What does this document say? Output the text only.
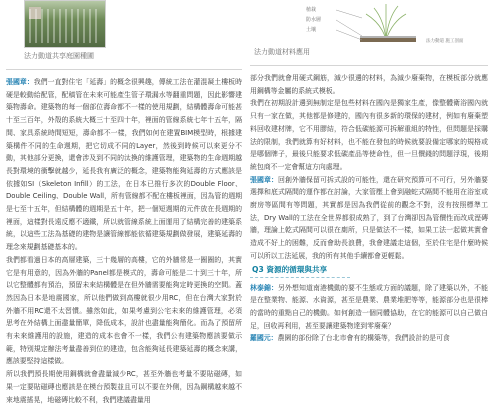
法力動道共享庭園種圃

張國章：我們一直對住宅「延壽」的概念很興趣，傳統工法在灌混凝土樓板時硬是較動給配管，配稿管在未來可能產生管子環漏水等翻重問題，因此影響建築物壽命。建築物的每一個部位壽命都不一樣的使用規劃，結構體壽命可能甚十至三百年，外殼的系統大概三十至四十年，裡面的管線系統七年十五年，隔間、家具系統時間短短，壽命都不一樣，我們如何在建置BIM模型時，根據建築構件不同的生命週期，把它切成不同的Layer，然後到時候可以來更分不動，其他部分更換，還會涉及到不同的汰換的維護管理，建築物的生命週期越長對環境的衝擊就越少，延長我有廣泛的概念，建築物能夠延壽的方式應該是依據如SI（Skeleton Infill）的工法，在日本已推行多次的Double Floor、Double Ceiling、Double Wall，所有管線都不配在樓板裡面，因為管的週期是七至十五年，但結構體的週期是五十年，把一個短週期的元件放在長週期的裡面，這樣對長遠反應不適鐵，所以就管線系統上面運用了結構完善的建築系統，以這些工法為基礎的建物是讓管線都能依循建築規劃做發展，建築延壽的理念來規劃基礎基本的。

我們都看過日本的高層建築，三十幾層的高樓，它的外牆常是一圈圈的，其實它是有用意的，因為外牆的Panel都是模式的，壽命可能是二十到三十年，所以它整體都有預治，預留未來結構體是在但外牆需要能夠定時更換的空間。蓋然因為日本是地震國家，所以他們做到高樓就很少用RC，但在台灣大家對於外牆不用RC還不太習慣。雖然如此，如果考慮到公宅未來的維護管理，必須思考在外結構上面盡量簡單，降低成本，設計也盡量能夠簡化。而為了預留所有未來維護用的設施，建造的成本也會不一樣，我們公有建築物應該要做示範，特別規定辦法考量盡善到位的建造，包含能夠延長建築延壽的概念來講，應該要堅持這樣做。

所以我們預長期使用鋼構就會盡量減少RC，甚至外牆也考量不要貼磁磚，如果一定要貼磁磚也應該是在模台預製並且可以不要在外側，因為鋼構越來越不來地震搖晃，地磁磚比較不利，我們建議盡量用

植栽
防水層
土壤
法力動道 施工剖面
法力動道材料應用

部分我們就會用硬式鋼筋，減少很邊的材料，為減少廢棄物，在模板部分就應用鋼構等金屬的系統式模板。

我們在初期設計邊到無制定是包些材料在國內是獨家生產，像整體衛浴國內就只有一家在做，其他都是修建的，國內有很多新的環保的建材，例如有廢棄塑料回收建材牌，它不用膠結，符合低碳能源可拆解重組的特性，但問題是採購法的限制，我們就算有好材料，也不能在發包的時候就要設備定哪家的規格或是哪個牌子，最後只能要求低碳產品等使命性，但一旦價錢的問題浮現，後期統包商不一定會幫這方向處理。

張國章：回創外牆保留可拆式設的可能性，還在研究預算可不可行，另外牆要選擇和底式隔間的運作都在討論，大家管壓上會到融蛇式隔間不能用在浴室或廚房等區間有等問題，其實都是因為我們從前的觀念不對，沒有按照標準工法，Dry Wall的工法在全世界都很成熟了，到了台灣卻因為管價性而改成溼磚牆，理論上乾式隔間可以很在廁所，只是做法不一樣，如果工法一起做其實會造成不好上的困難，反而會助長浪費，我會建議走這個，至於住宅是什麼時候可以所以工法延展，我的所有其他手續都會更輕鬆。

Q3 資源的循環與共享

林泰錦：另外想知道南港機動的要不生態或方面的議題，除了建築以外，不能是在整業物、能源、水資源，甚至是農業、農業堆肥等等，能源部分也是很棒的當時的重點自己的機動。如何創造一個同體協助，在它的能源可以自己做自足，回收再利用，甚至要讓建築物達到零廢棄？

羅國元：農園的部份除了台北市會有的構築等，我們設計的是可食
